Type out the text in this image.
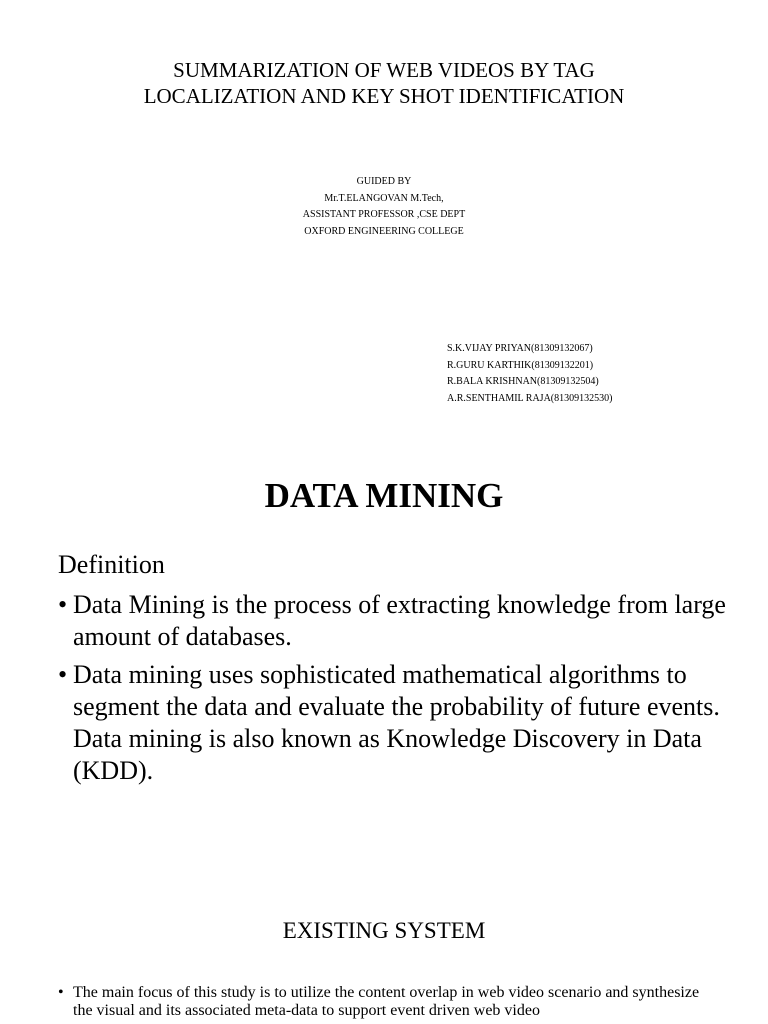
SUMMARIZATION OF WEB VIDEOS BY TAG
LOCALIZATION AND KEY SHOT IDENTIFICATION
GUIDED BY
Mr.T.ELANGOVAN M.Tech,
ASSISTANT PROFESSOR ,CSE DEPT
OXFORD ENGINEERING COLLEGE
S.K.VIJAY PRIYAN(81309132067)
R.GURU KARTHIK(81309132201)
R.BALA KRISHNAN(81309132504)
A.R.SENTHAMIL RAJA(81309132530)
DATA MINING
Definition
• Data Mining is the process of extracting knowledge from large amount of databases.
• Data mining uses sophisticated mathematical algorithms to segment the data and evaluate the probability of future events. Data mining is also known as Knowledge Discovery in Data (KDD).
EXISTING SYSTEM
• The main focus of this study is to utilize the content overlap in web video scenario and synthesize the visual and its associated meta-data to support event driven web video
